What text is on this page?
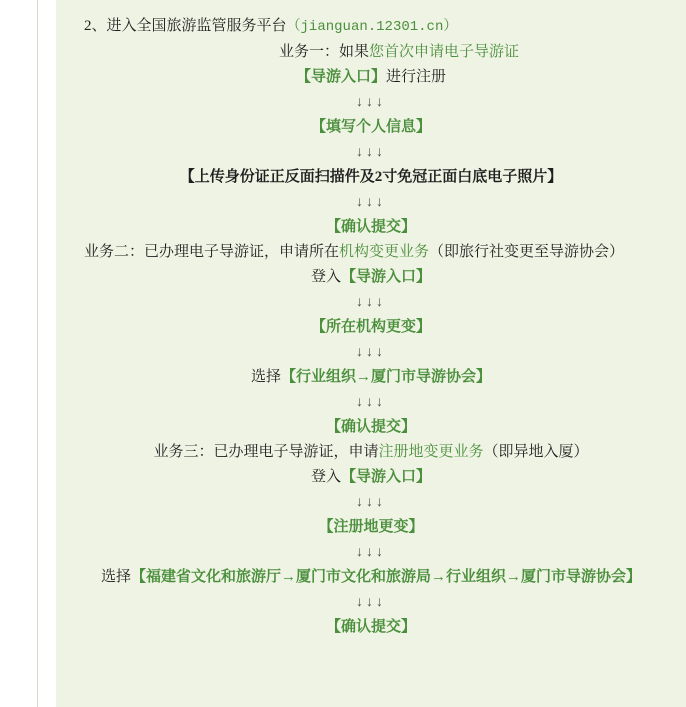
2、进入全国旅游监管服务平台（jianguan.12301.cn）
业务一：如果您首次申请电子导游证
【导游入口】进行注册
↓↓↓
【填写个人信息】
↓↓↓
【上传身份证正反面扫描件及2寸免冠正面白底电子照片】
↓↓↓
【确认提交】
业务二：已办理电子导游证，申请所在机构变更业务（即旅行社变更至导游协会）
登入【导游入口】
↓↓↓
【所在机构更变】
↓↓↓
选择【行业组织→厦门市导游协会】
↓↓↓
【确认提交】
业务三：已办理电子导游证，申请注册地变更业务（即异地入厦）
登入【导游入口】
↓↓↓
【注册地更变】
↓↓↓
选择【福建省文化和旅游厅→厦门市文化和旅游局→行业组织→厦门市导游协会】
↓↓↓
【确认提交】
